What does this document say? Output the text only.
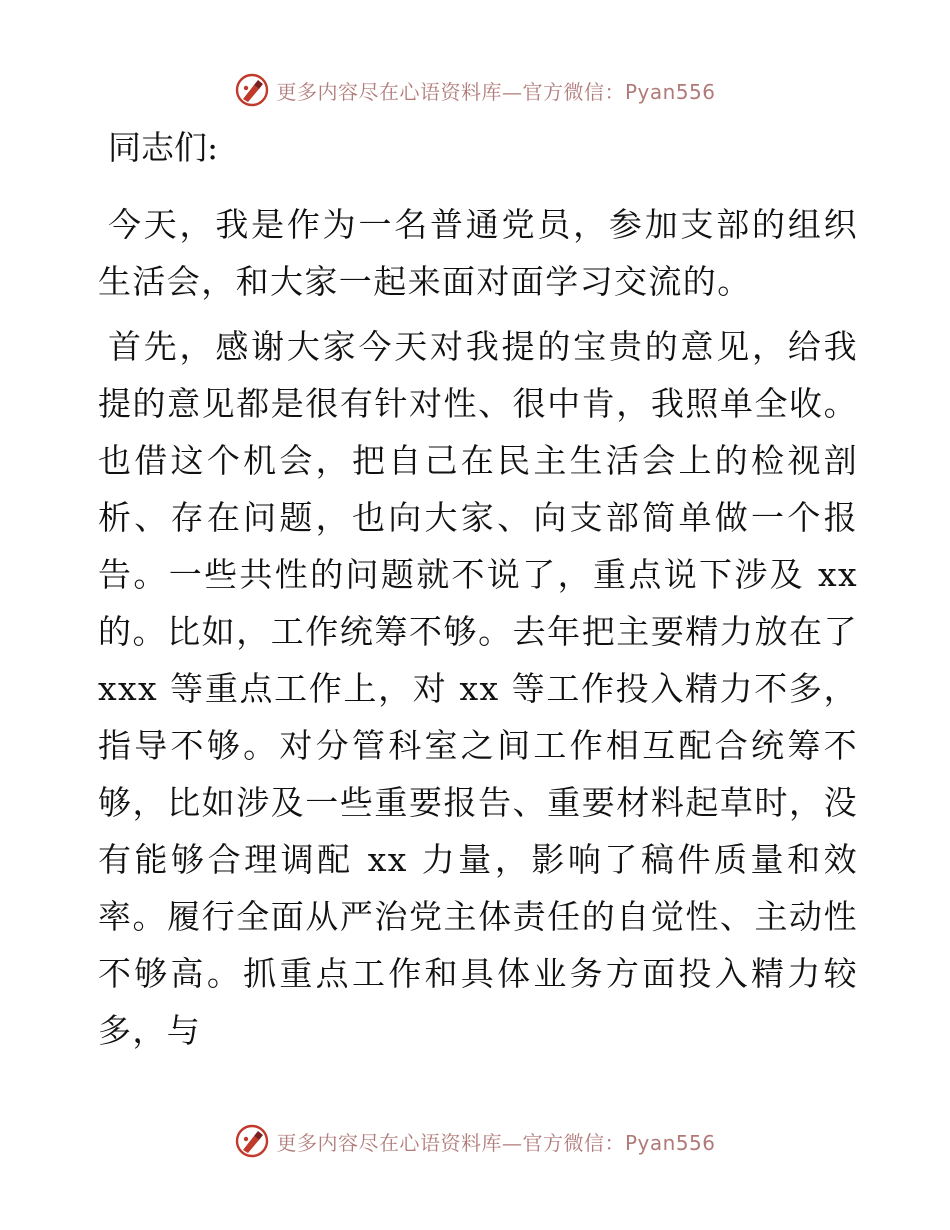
更多内容尽在心语资料库—官方微信：Pyan556
同志们:

今天，我是作为一名普通党员，参加支部的组织生活会，和大家一起来面对面学习交流的。

首先，感谢大家今天对我提的宝贵的意见，给我提的意见都是很有针对性、很中肯，我照单全收。也借这个机会，把自己在民主生活会上的检视剖析、存在问题，也向大家、向支部简单做一个报告。一些共性的问题就不说了，重点说下涉及 xx 的。比如，工作统筹不够。去年把主要精力放在了 xxx 等重点工作上，对 xx 等工作投入精力不多，指导不够。对分管科室之间工作相互配合统筹不够，比如涉及一些重要报告、重要材料起草时，没有能够合理调配 xx 力量，影响了稿件质量和效率。履行全面从严治党主体责任的自觉性、主动性不够高。抓重点工作和具体业务方面投入精力较多，与

更多内容尽在心语资料库—官方微信：Pyan556
